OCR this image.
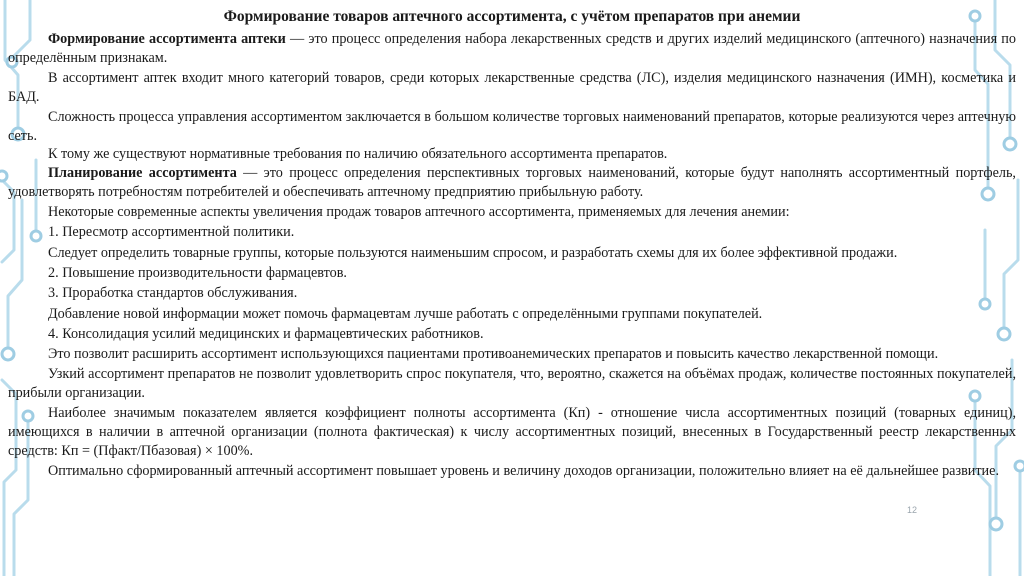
Формирование товаров аптечного ассортимента, с учётом препаратов при анемии

Формирование ассортимента аптеки — это процесс определения набора лекарственных средств и других изделий медицинского (аптечного) назначения по определённым признакам.

В ассортимент аптек входит много категорий товаров, среди которых лекарственные средства (ЛС), изделия медицинского назначения (ИМН), косметика и БАД.

Сложность процесса управления ассортиментом заключается в большом количестве торговых наименований препаратов, которые реализуются через аптечную сеть.

К тому же существуют нормативные требования по наличию обязательного ассортимента препаратов.

Планирование ассортимента — это процесс определения перспективных торговых наименований, которые будут наполнять ассортиментный портфель, удовлетворять потребностям потребителей и обеспечивать аптечному предприятию прибыльную работу.

Некоторые современные аспекты увеличения продаж товаров аптечного ассортимента, применяемых для лечения анемии:

1. Пересмотр ассортиментной политики.

Следует определить товарные группы, которые пользуются наименьшим спросом, и разработать схемы для их более эффективной продажи.

2. Повышение производительности фармацевтов.

3. Проработка стандартов обслуживания.

Добавление новой информации может помочь фармацевтам лучше работать с определёнными группами покупателей.

4. Консолидация усилий медицинских и фармацевтических работников.

Это позволит расширить ассортимент использующихся пациентами противоанемических препаратов и повысить качество лекарственной помощи.

Узкий ассортимент препаратов не позволит удовлетворить спрос покупателя, что, вероятно, скажется на объёмах продаж, количестве постоянных покупателей, прибыли организации.

Наиболее значимым показателем является коэффициент полноты ассортимента (Кп) - отношение числа ассортиментных позиций (товарных единиц), имеющихся в наличии в аптечной организации (полнота фактическая) к числу ассортиментных позиций, внесенных в Государственный реестр лекарственных средств: Кп = (Пфакт/Пбазовая) × 100%.

Оптимально сформированный аптечный ассортимент повышает уровень и величину доходов организации, положительно влияет на её дальнейшее развитие.

12
